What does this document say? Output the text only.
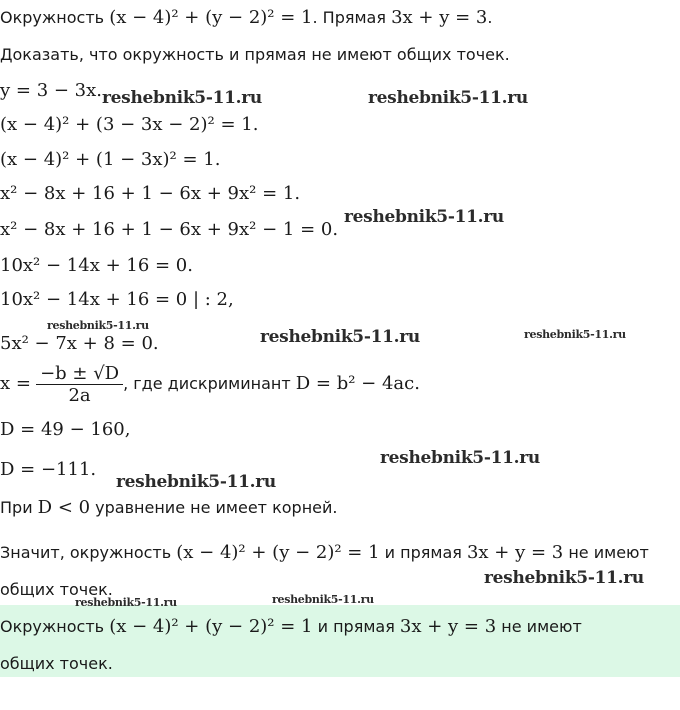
Окружность (x − 4)² + (y − 2)² = 1. Прямая 3x + y = 3.
Доказать, что окружность и прямая не имеют общих точек.
y = 3 − 3x.
(x − 4)² + (3 − 3x − 2)² = 1.
(x − 4)² + (1 − 3x)² = 1.
x² − 8x + 16 + 1 − 6x + 9x² = 1.
x² − 8x + 16 + 1 − 6x + 9x² − 1 = 0.
10x² − 14x + 16 = 0.
10x² − 14x + 16 = 0 | : 2,
5x² − 7x + 8 = 0.
$x = \frac{-b \pm √D}{2a}$ , где дискриминант D = b² − 4ac.
D = 49 − 160,
D = −111.
При D < 0 уравнение не имеет корней.
Значит, окружность (x − 4)² + (y − 2)² = 1 и прямая 3x + y = 3 не имеют
общих точек.
Окружность (x − 4)² + (y − 2)² = 1 и прямая 3x + y = 3 не имеют
общих точек.
reshebnik5-11.ru	reshebnik5-11.ru
reshebnik5-11.ru
reshebnik5-11.ru
reshebnik5-11.ru	reshebnik5-11.ru
reshebnik5-11.ru
reshebnik5-11.ru
reshebnik5-11.ru
reshebnik5-11.ru	reshebnik5-11.ru
